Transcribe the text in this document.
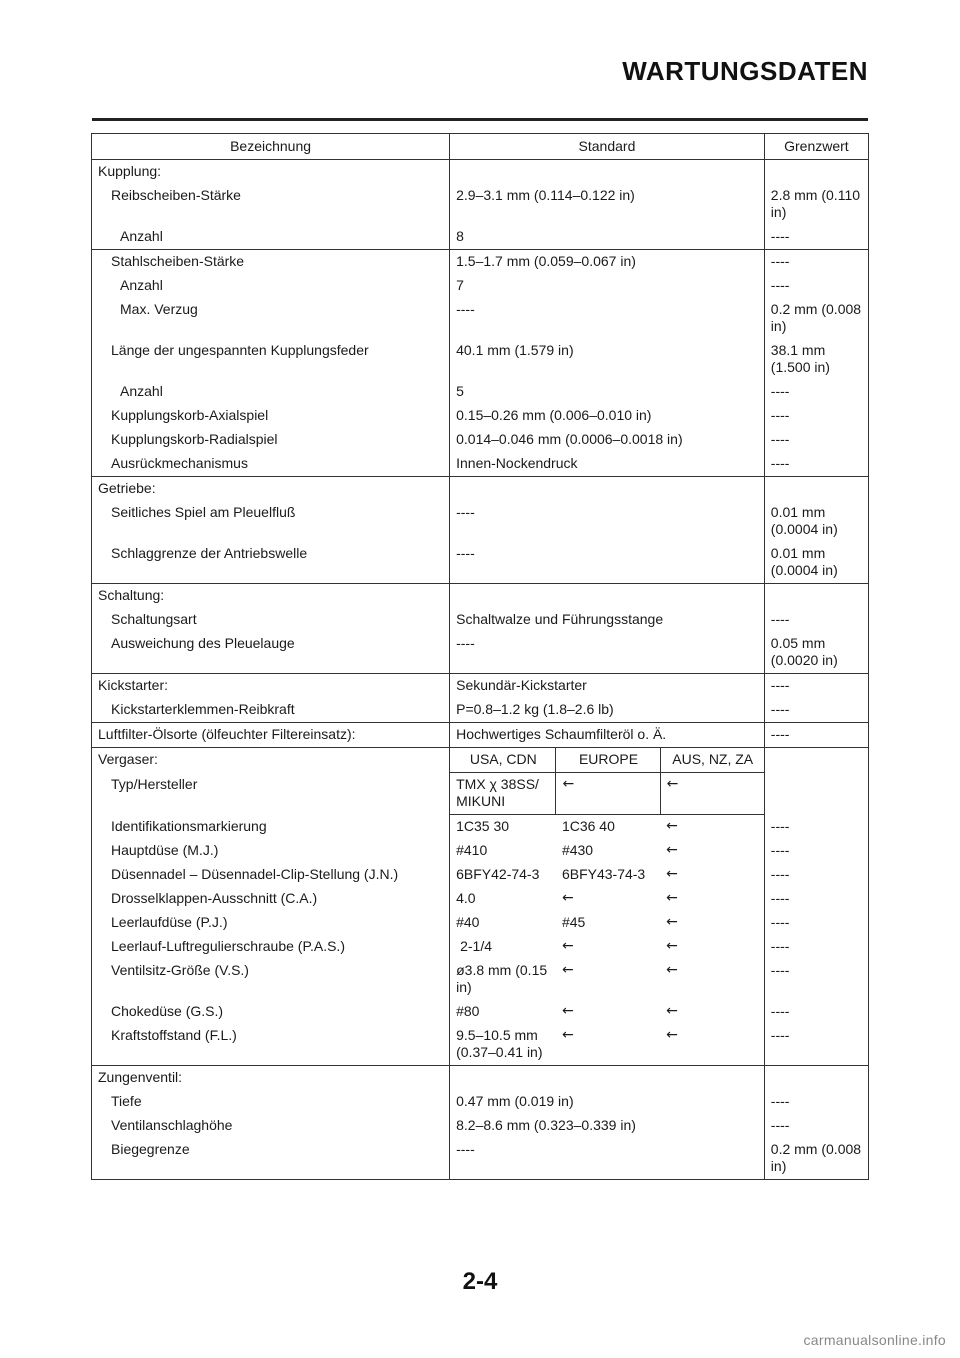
WARTUNGSDATEN
Bezeichnung	Standard			Grenzwert
Kupplung:				
Reibscheiben-Stärke	2.9–3.1 mm (0.114–0.122 in)			2.8 mm (0.110 in)
Anzahl	8			----
Stahlscheiben-Stärke	1.5–1.7 mm (0.059–0.067 in)			----
Anzahl	7			----
Max. Verzug	----			0.2 mm (0.008 in)
Länge der ungespannten Kupplungsfeder	40.1 mm (1.579 in)			38.1 mm (1.500 in)
Anzahl	5			----
Kupplungskorb-Axialspiel	0.15–0.26 mm (0.006–0.010 in)			----
Kupplungskorb-Radialspiel	0.014–0.046 mm (0.0006–0.0018 in)			----
Ausrückmechanismus	Innen-Nockendruck			----
Getriebe:				
Seitliches Spiel am Pleuelfluß	----			0.01 mm (0.0004 in)
Schlaggrenze der Antriebswelle	----			0.01 mm (0.0004 in)
Schaltung:				
Schaltungsart	Schaltwalze und Führungsstange			----
Ausweichung des Pleuelauge	----			0.05 mm (0.0020 in)
Kickstarter:	Sekundär-Kickstarter			----
Kickstarterklemmen-Reibkraft	P=0.8–1.2 kg (1.8–2.6 lb)			----
Luftfilter-Ölsorte (ölfeuchter Filtereinsatz):	Hochwertiges Schaumfilteröl o. Ä.			----
Vergaser:	USA, CDN	EUROPE	AUS, NZ, ZA	
Typ/Hersteller	TMX χ 38SS/ MIKUNI	←	←	
Identifikationsmarkierung	1C35 30	1C36 40	←	----
Hauptdüse (M.J.)	#410	#430	←	----
Düsennadel – Düsennadel-Clip-Stellung (J.N.)	6BFY42-74-3	6BFY43-74-3	←	----
Drosselklappen-Ausschnitt (C.A.)	4.0	←	←	----
Leerlaufdüse (P.J.)	#40	#45	←	----
Leerlauf-Luftregulierschraube (P.A.S.)	2-1/4	←	←	----
Ventilsitz-Größe (V.S.)	ø3.8 mm (0.15 in)	←	←	----
Chokedüse (G.S.)	#80	←	←	----
Kraftstoffstand (F.L.)	9.5–10.5 mm (0.37–0.41 in)	←	←	----
Zungenventil:				
Tiefe	0.47 mm (0.019 in)			----
Ventilanschlaghöhe	8.2–8.6 mm (0.323–0.339 in)			----
Biegegrenze	----			0.2 mm (0.008 in)
2-4
carmanualsonline.info
